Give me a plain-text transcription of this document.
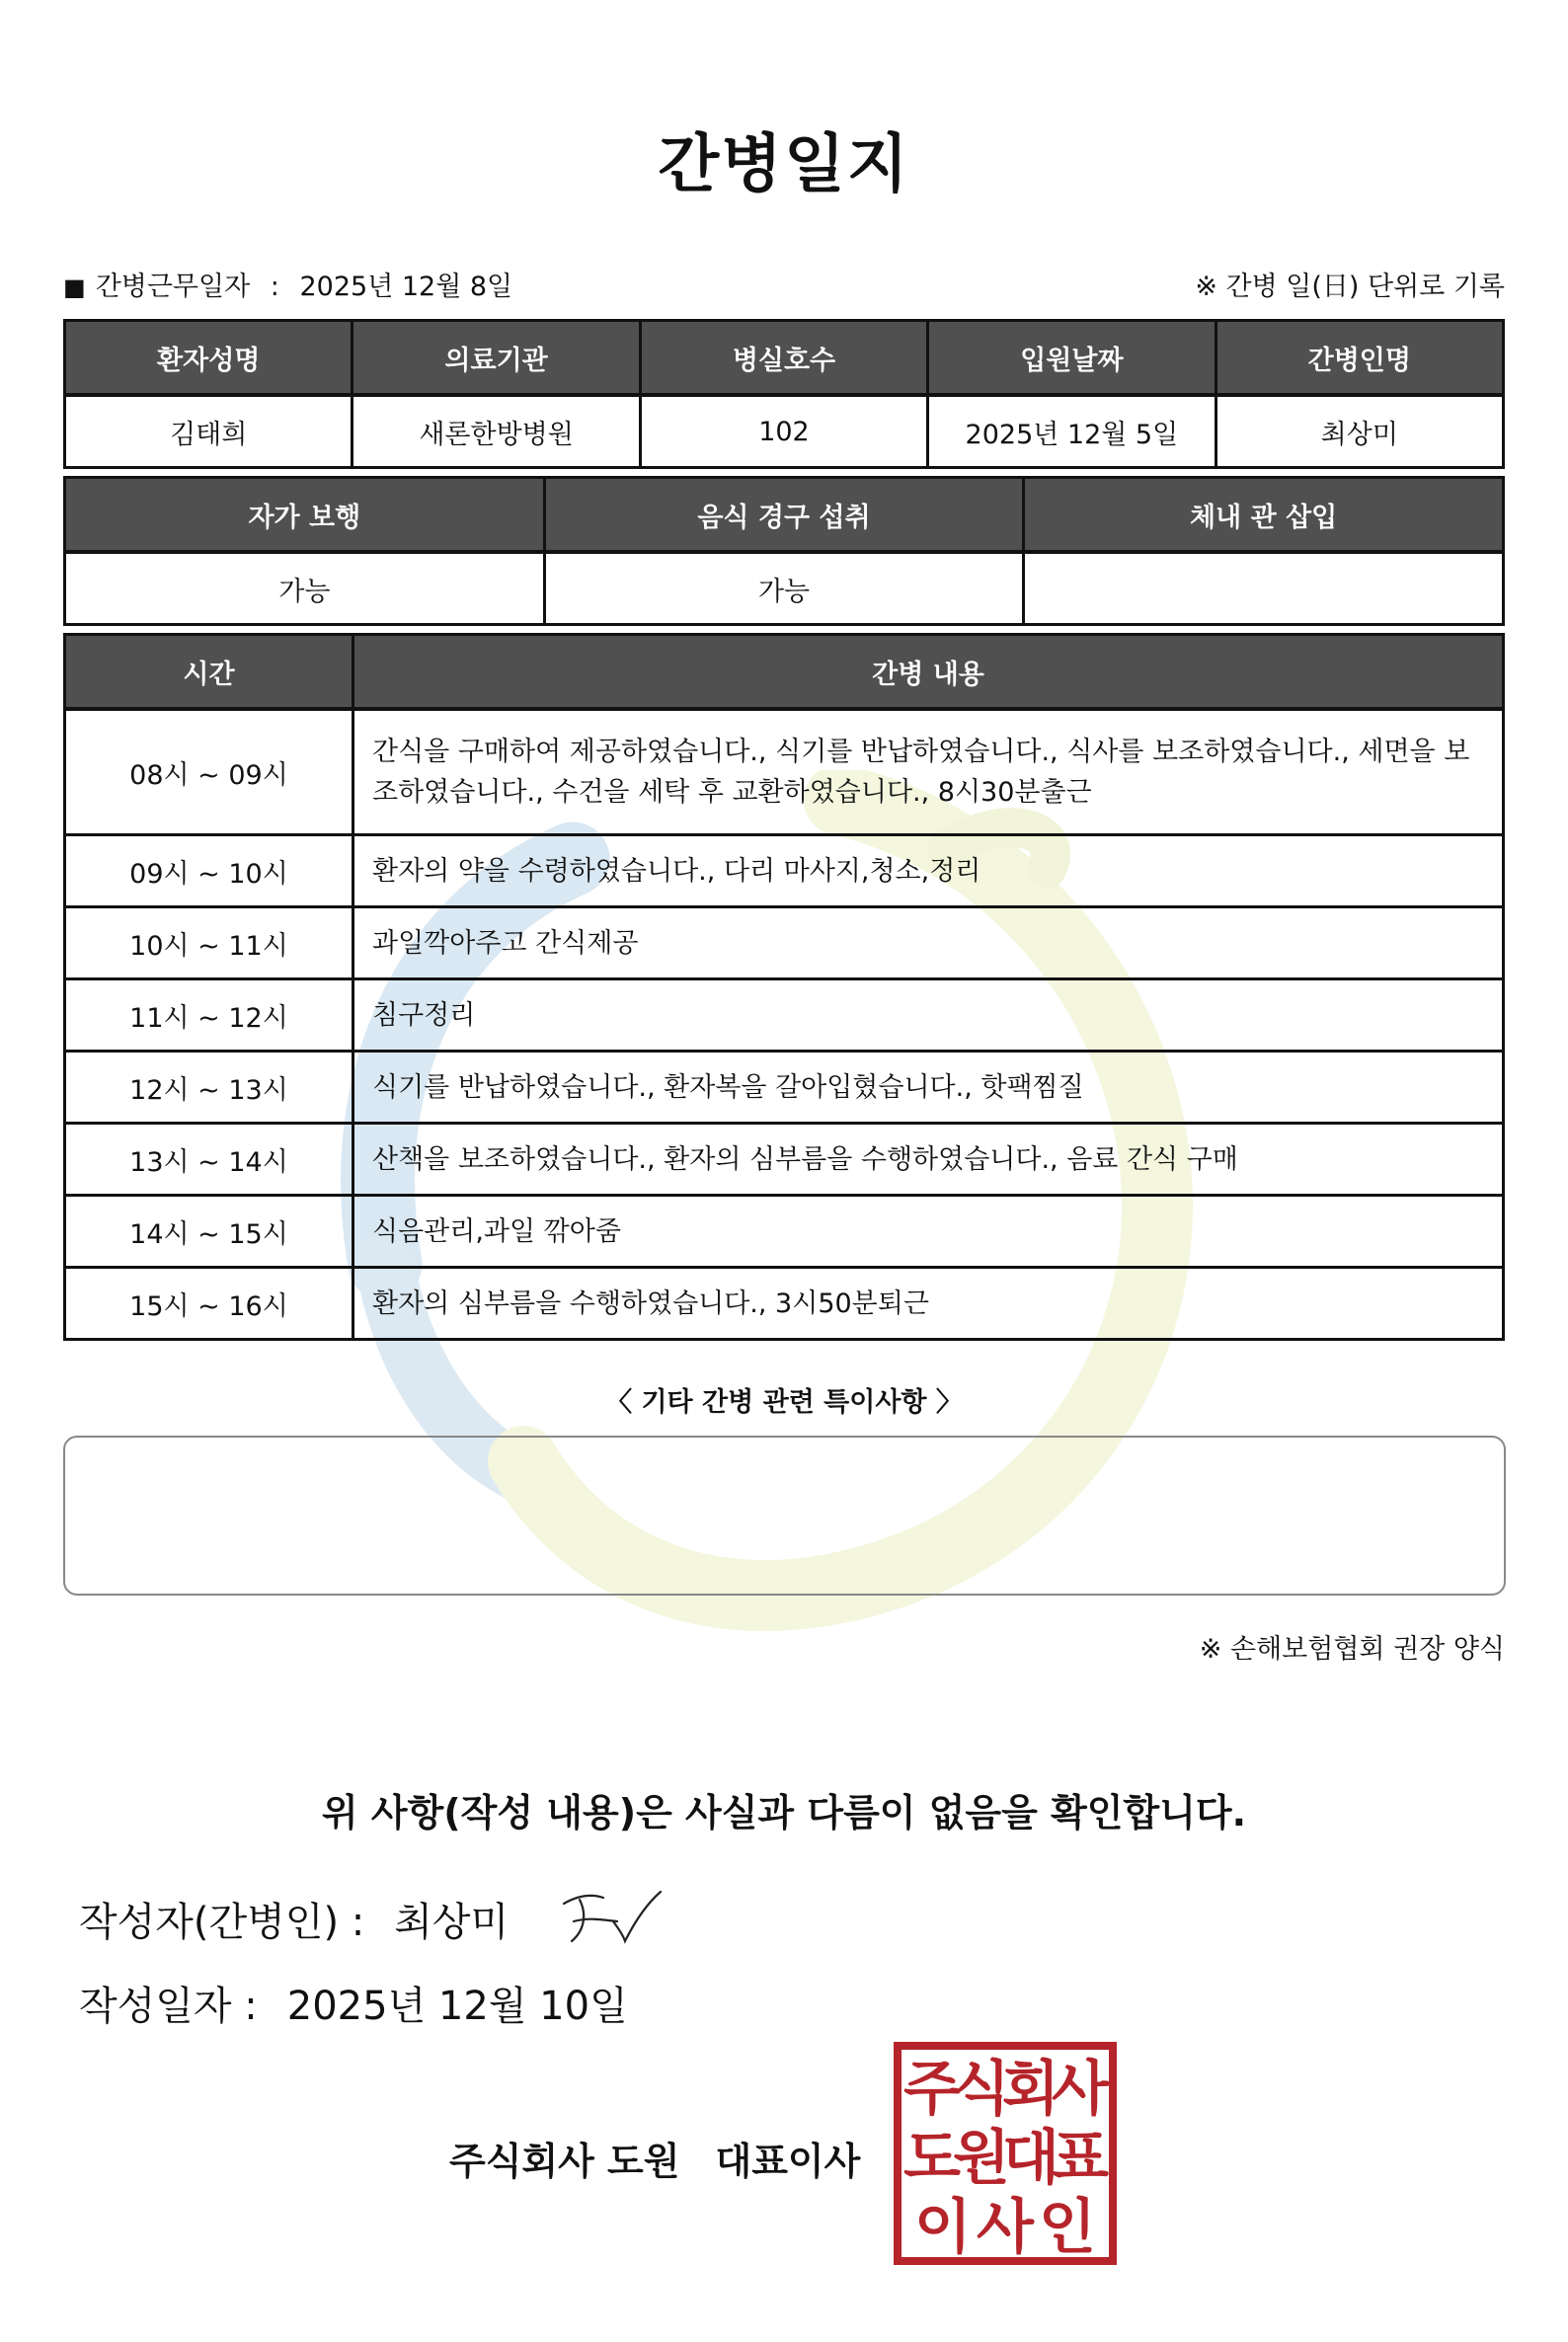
간병일지
■ 간병근무일자 : 2025년 12월 8일	※ 간병 일(日) 단위로 기록
환자성명	의료기관	병실호수	입원날짜	간병인명
김태희	새론한방병원	102	2025년 12월 5일	최상미
자가 보행	음식 경구 섭취	체내 관 삽입
가능	가능	
시간	간병 내용
08시 ~ 09시	간식을 구매하여 제공하였습니다., 식기를 반납하였습니다., 식사를 보조하였습니다., 세면을 보조하였습니다., 수건을 세탁 후 교환하였습니다., 8시30분출근
09시 ~ 10시	환자의 약을 수령하였습니다., 다리 마사지,청소,정리
10시 ~ 11시	과일깍아주고 간식제공
11시 ~ 12시	침구정리
12시 ~ 13시	식기를 반납하였습니다., 환자복을 갈아입혔습니다., 핫팩찜질
13시 ~ 14시	산책을 보조하였습니다., 환자의 심부름을 수행하였습니다., 음료 간식 구매
14시 ~ 15시	식음관리,과일 깎아줌
15시 ~ 16시	환자의 심부름을 수행하였습니다., 3시50분퇴근
〈 기타 간병 관련 특이사항 〉
※ 손해보험협회 권장 양식
위 사항(작성 내용)은 사실과 다름이 없음을 확인합니다.
작성자(간병인) : 최상미
작성일자 : 2025년 12월 10일
주식회사 도원 대표이사
주
식
회
사
도
원
대
표
이 사 인
